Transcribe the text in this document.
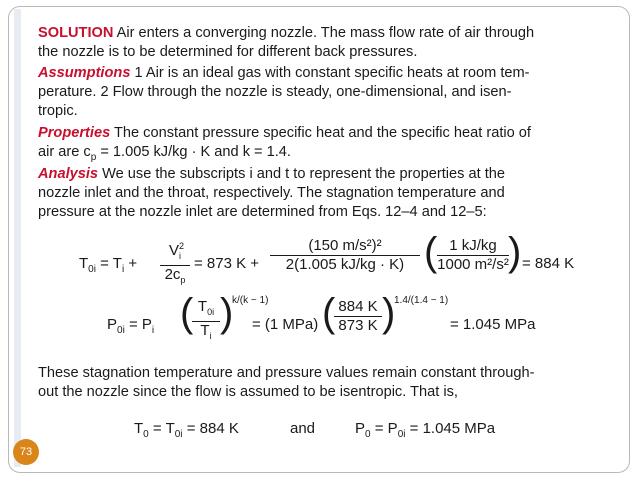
SOLUTION Air enters a converging nozzle. The mass flow rate of air through
the nozzle is to be determined for different back pressures.
Assumptions 1 Air is an ideal gas with constant specific heats at room tem-
perature. 2 Flow through the nozzle is steady, one-dimensional, and isen-
tropic.
Properties The constant pressure specific heat and the specific heat ratio of
air are $c_p = 1.005$ kJ/kg · K and k = 1.4.
Analysis We use the subscripts i and t to represent the properties at the
nozzle inlet and the throat, respectively. The stagnation temperature and
pressure at the nozzle inlet are determined from Eqs. 12–4 and 12–5:
$T_{0i} = T_i + \frac{V^2_i}{2c_p} = 873$ $K + \frac{\text{(150 m/s²)²}}{2(1.005 kJ/kg \cdot K)}$ ( $\frac{1 kJ/kg}{\text{1000 m²/s²}}$ ) = 884 K
$P_{0i} = P_i$ (
$\frac{T_{0i}}{T_i}$ )
k/(k − 1)
= (1 MPa) (
$\frac{884 K}{873 K}$ )
1.4/(1.4 − 1)
= 1.045 MPa
These stagnation temperature and pressure values remain constant through-
out the nozzle since the flow is assumed to be isentropic. That is,
$T_0 = T_{0i} = 884$ K	and	$P_0 = P_{0i} = 1.045$ MPa
73
